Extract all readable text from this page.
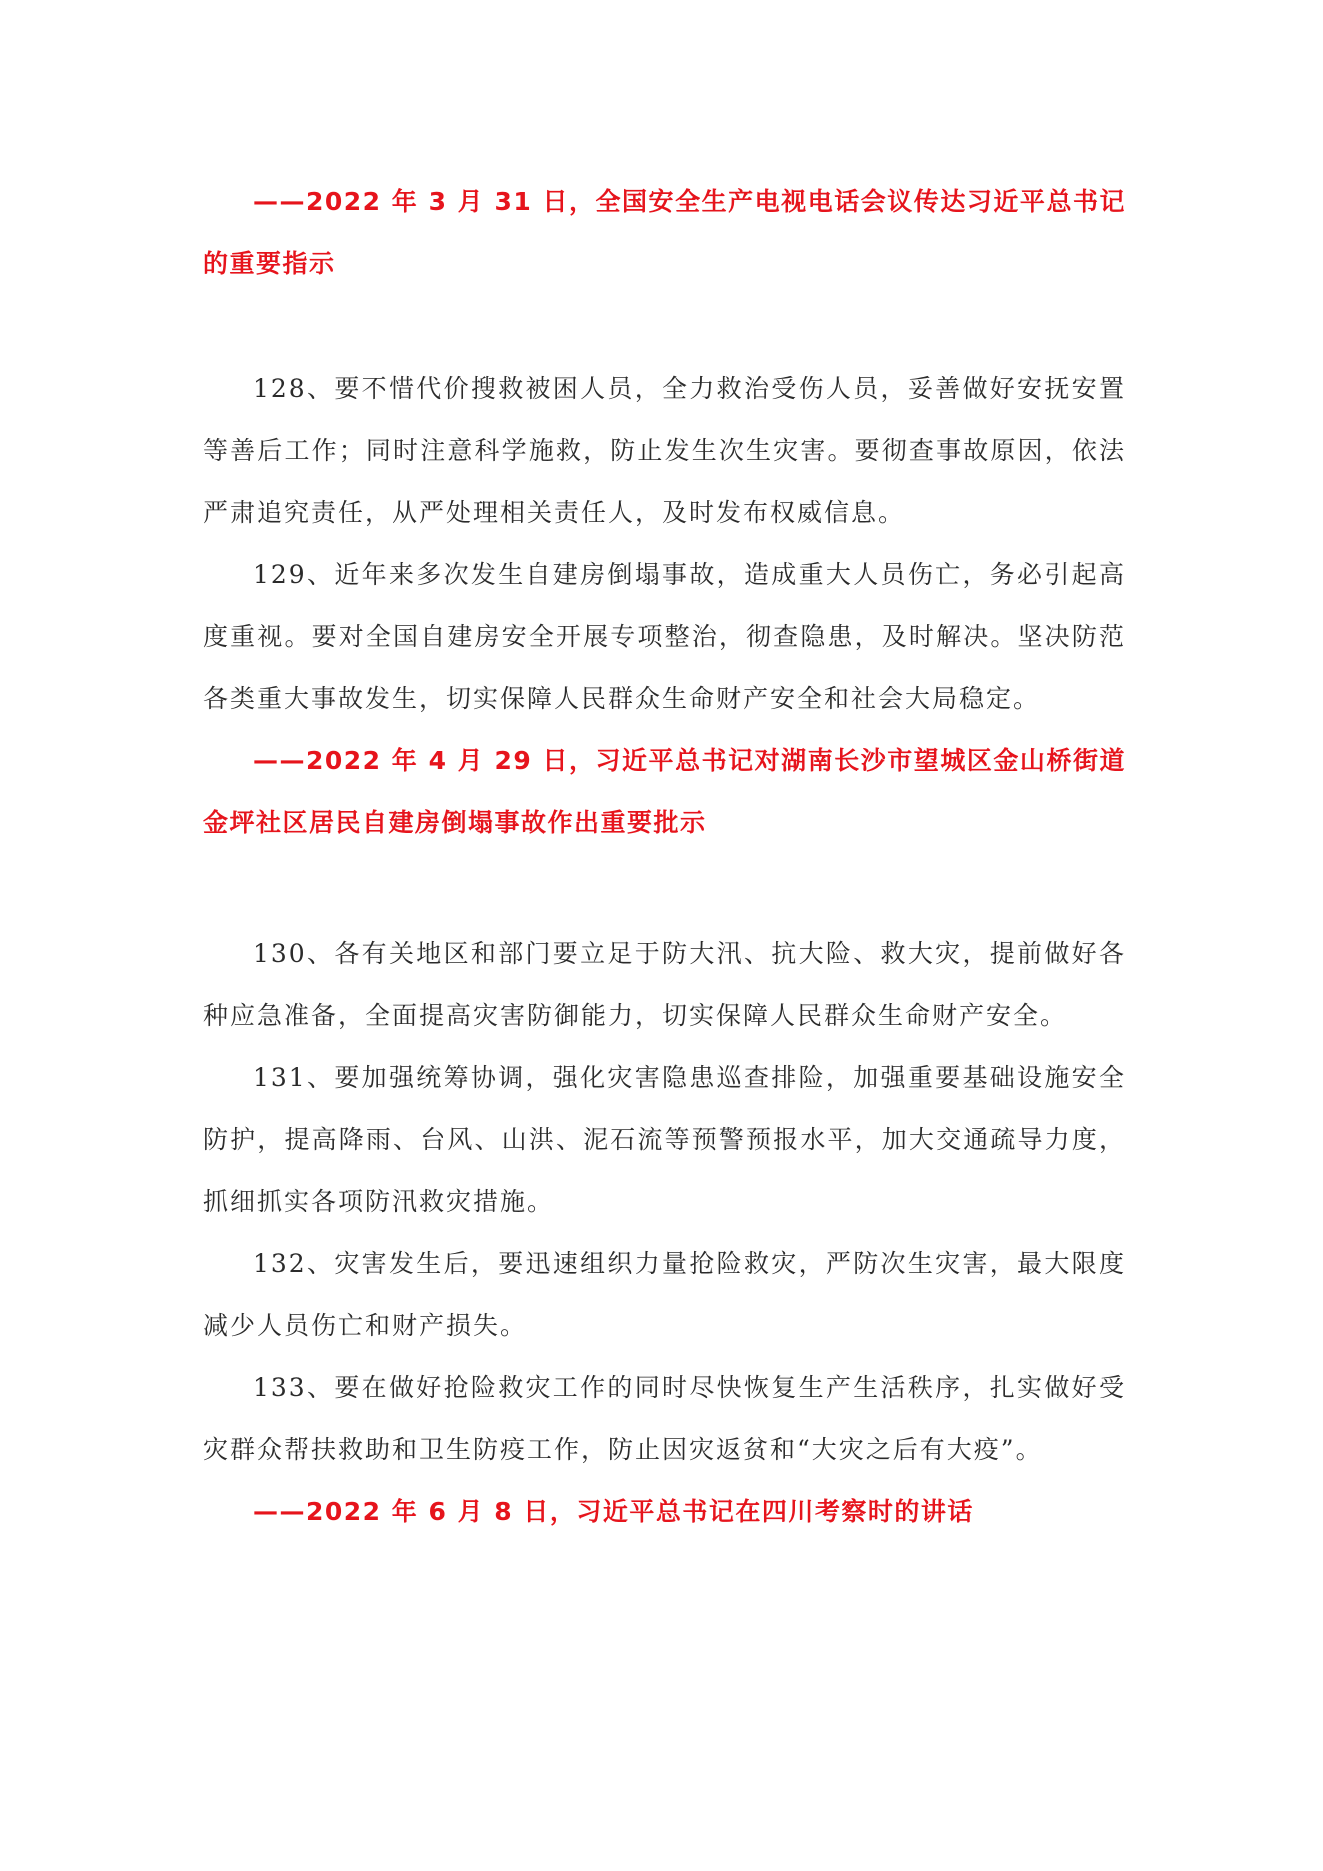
——2022 年 3 月 31 日，全国安全生产电视电话会议传达习近平总书记的重要指示

128、要不惜代价搜救被困人员，全力救治受伤人员，妥善做好安抚安置等善后工作；同时注意科学施救，防止发生次生灾害。要彻查事故原因，依法严肃追究责任，从严处理相关责任人，及时发布权威信息。

129、近年来多次发生自建房倒塌事故，造成重大人员伤亡，务必引起高度重视。要对全国自建房安全开展专项整治，彻查隐患，及时解决。坚决防范各类重大事故发生，切实保障人民群众生命财产安全和社会大局稳定。

——2022 年 4 月 29 日，习近平总书记对湖南长沙市望城区金山桥街道金坪社区居民自建房倒塌事故作出重要批示

130、各有关地区和部门要立足于防大汛、抗大险、救大灾，提前做好各种应急准备，全面提高灾害防御能力，切实保障人民群众生命财产安全。

131、要加强统筹协调，强化灾害隐患巡查排险，加强重要基础设施安全防护，提高降雨、台风、山洪、泥石流等预警预报水平，加大交通疏导力度，抓细抓实各项防汛救灾措施。

132、灾害发生后，要迅速组织力量抢险救灾，严防次生灾害，最大限度减少人员伤亡和财产损失。

133、要在做好抢险救灾工作的同时尽快恢复生产生活秩序，扎实做好受灾群众帮扶救助和卫生防疫工作，防止因灾返贫和“大灾之后有大疫”。

——2022 年 6 月 8 日，习近平总书记在四川考察时的讲话
